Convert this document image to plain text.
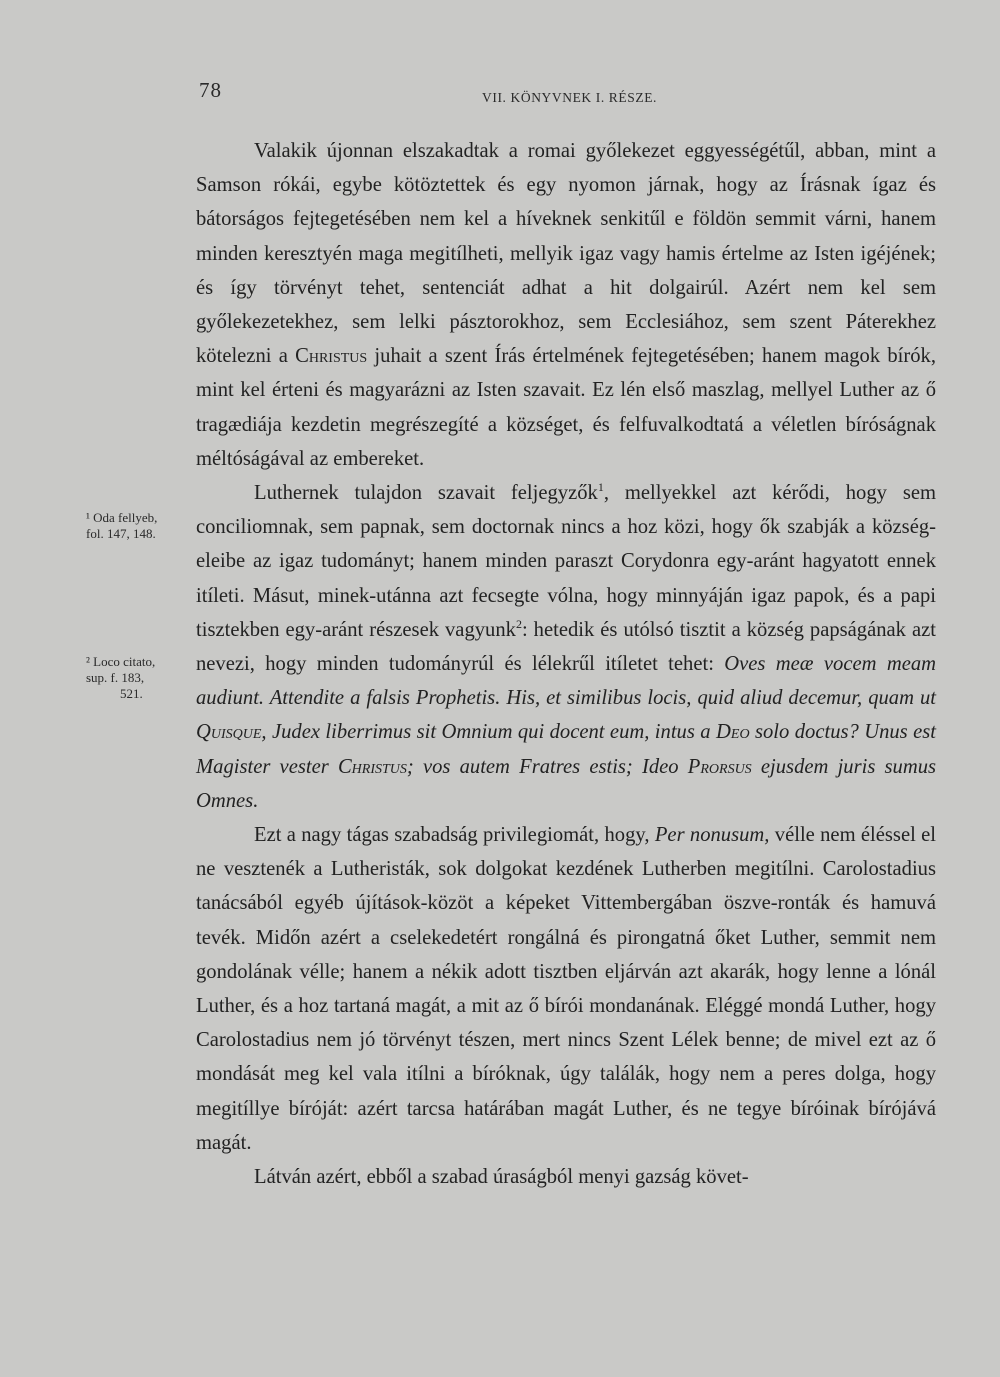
78	VII. KÖNYVNEK I. RÉSZE.
¹ Oda fellyeb,
fol. 147, 148.
² Loco citato,
sup. f. 183,
521.

Valakik újonnan elszakadtak a romai győlekezet eggyességétűl, abban, mint a Samson rókái, egybe kötöztettek és egy nyomon járnak, hogy az Írásnak ígaz és bátorságos fejtegetésében nem kel a híveknek senkitűl e földön semmit várni, hanem minden keresztyén maga megitílheti, mellyik igaz vagy hamis értelme az Isten igéjének; és így törvényt tehet, sentenciát adhat a hit dolgairúl. Azért nem kel sem győlekezetekhez, sem lelki pásztorokhoz, sem Ecclesiához, sem szent Páterekhez kötelezni a Christus juhait a szent Írás értelmének fejtegetésében; hanem magok bírók, mint kel érteni és magyarázni az Isten szavait. Ez lén első maszlag, mellyel Luther az ő tragædiája kezdetin megrészegíté a községet, és felfuvalkodtatá a véletlen bíróságnak méltóságával az embereket.

Luthernek tulajdon szavait feljegyzők$^1$, mellyekkel azt kérődi, hogy sem conciliomnak, sem papnak, sem doctornak nincs a hoz közi, hogy ők szabják a község-eleibe az igaz tudományt; hanem minden paraszt Corydonra egy-aránt hagyatott ennek itíleti. Másut, minek-utánna azt fecsegte vólna, hogy minnyáján igaz papok, és a papi tisztekben egy-aránt részesek vagyunk$^2$: hetedik és utólsó tisztit a község papságának azt nevezi, hogy minden tudományrúl és lélekrűl itíletet tehet: Oves meæ vocem meam audiunt. Attendite a falsis Prophetis. His, et similibus locis, quid aliud decemur, quam ut Quisque, Judex liberrimus sit Omnium qui docent eum, intus a Deo solo doctus? Unus est Magister vester Christus; vos autem Fratres estis; Ideo Prorsus ejusdem juris sumus Omnes.

Ezt a nagy tágas szabadság privilegiomát, hogy, Per nonusum, vélle nem éléssel el ne vesztenék a Lutheristák, sok dolgokat kezdének Lutherben megitílni. Carolostadius tanácsából egyéb újítások-közöt a képeket Vittembergában öszve-ronták és hamuvá tevék. Midőn azért a cselekedetért rongálná és pirongatná őket Luther, semmit nem gondolának vélle; hanem a nékik adott tisztben eljárván azt akarák, hogy lenne a lónál Luther, és a hoz tartaná magát, a mit az ő bírói mondanának. Eléggé mondá Luther, hogy Carolostadius nem jó törvényt tészen, mert nincs Szent Lélek benne; de mivel ezt az ő mondását meg kel vala itílni a bíróknak, úgy találák, hogy nem a peres dolga, hogy megitíllye bíróját: azért tarcsa határában magát Luther, és ne tegye bíróinak bírójává magát.

Látván azért, ebből a szabad úraságból menyi gazság követ-
